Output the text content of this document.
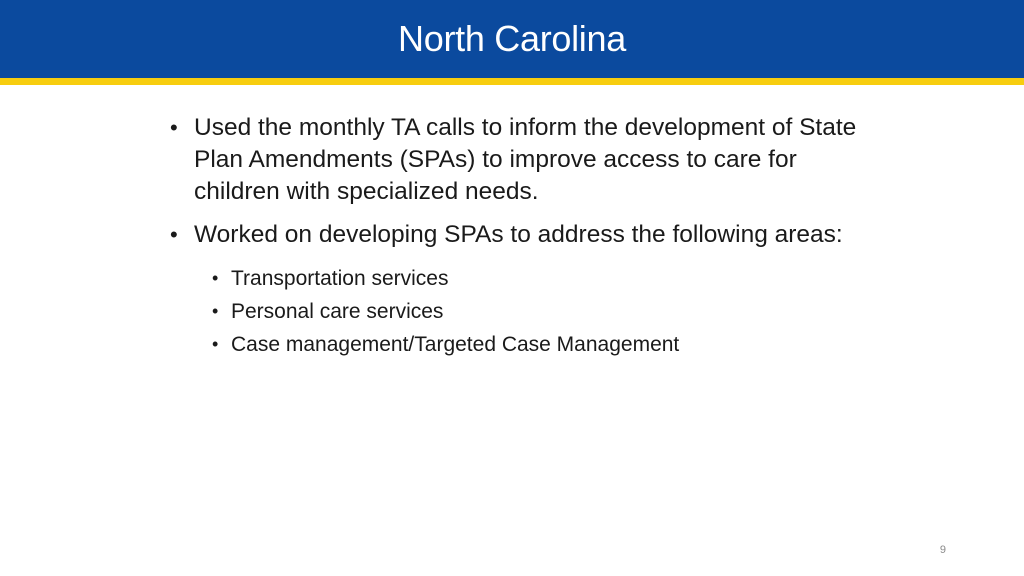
North Carolina
• Used the monthly TA calls to inform the development of State Plan Amendments (SPAs) to improve access to care for children with specialized needs.
• Worked on developing SPAs to address the following areas:
• Transportation services
• Personal care services
• Case management/Targeted Case Management
9
